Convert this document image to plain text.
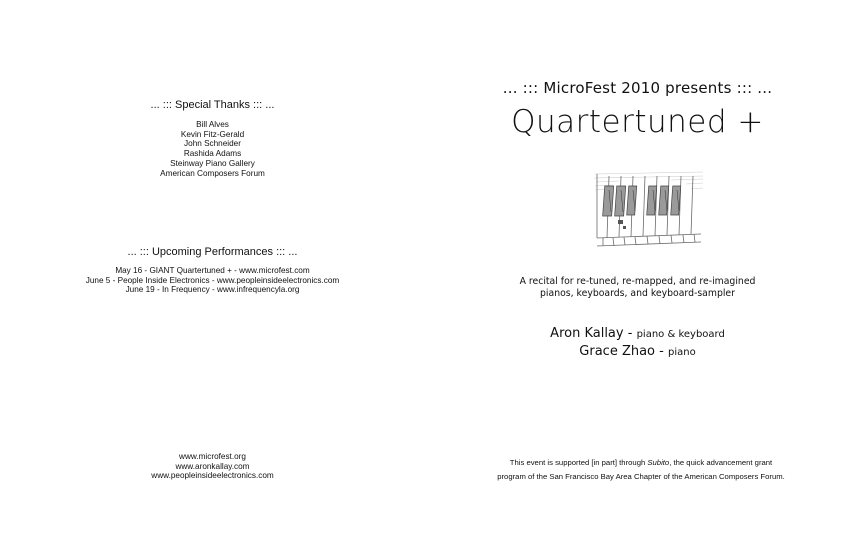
... ::: Special Thanks ::: ...
Bill Alves
Kevin Fitz-Gerald
John Schneider
Rashida Adams
Steinway Piano Gallery
American Composers Forum
... ::: Upcoming Performances ::: ...
May 16 - GIANT Quartertuned + - www.microfest.com
June 5 - People Inside Electronics - www.peopleinsideelectronics.com
June 19 - In Frequency - www.infrequencyla.org
www.microfest.org
www.aronkallay.com
www.peopleinsideelectronics.com
... ::: MicroFest 2010 presents ::: ...
Quartertuned +
A recital for re-tuned, re-mapped, and re-imagined
pianos, keyboards, and keyboard-sampler
Aron Kallay - piano & keyboard
Grace Zhao - piano
This event is supported [in part] through Subito, the quick advancement grant
program of the San Francisco Bay Area Chapter of the American Composers Forum.
